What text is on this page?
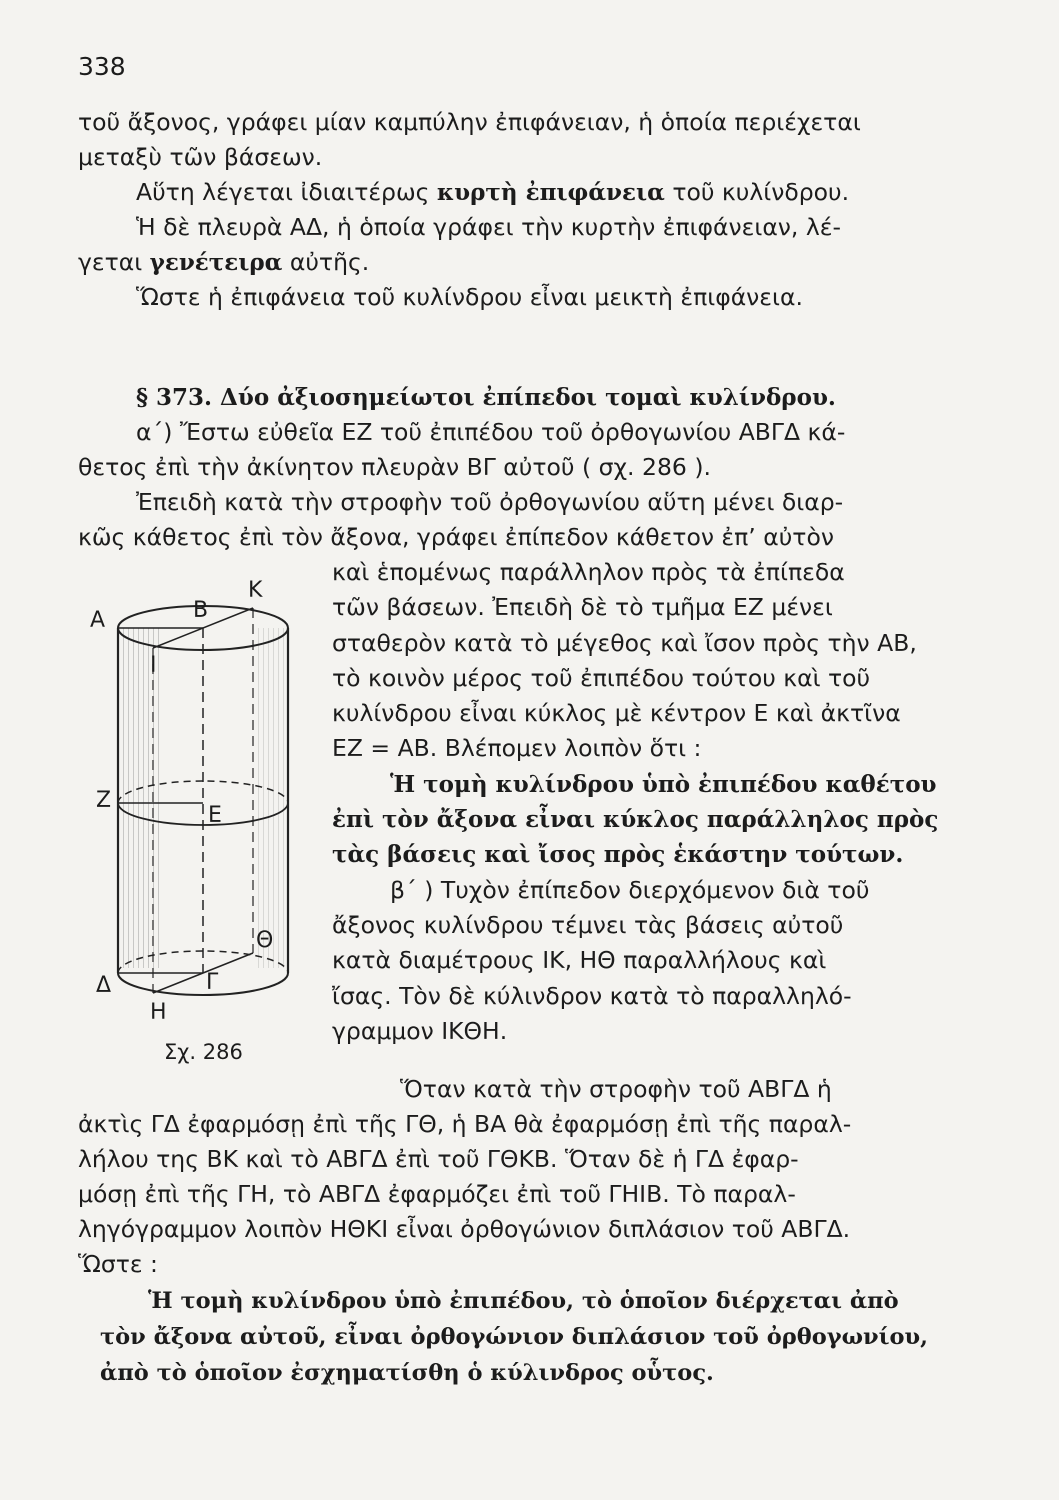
338
τοῦ ἄξονος, γράφει μίαν καμπύλην ἐπιφάνειαν, ἡ ὁποία περιέχεται
μεταξὺ τῶν βάσεων.
Αὕτη λέγεται ἰδιαιτέρως κυρτὴ ἐπιφάνεια τοῦ κυλίνδρου.
Ἡ δὲ πλευρὰ ΑΔ, ἡ ὁποία γράφει τὴν κυρτὴν ἐπιφάνειαν, λέ-
γεται γενέτειρα αὐτῆς.
Ὥστε ἡ ἐπιφάνεια τοῦ κυλίνδρου εἶναι μεικτὴ ἐπιφάνεια.
§ 373. Δύο ἀξιοσημείωτοι ἐπίπεδοι τομαὶ κυλίνδρου.
α΄) Ἔστω εὐθεῖα ΕΖ τοῦ ἐπιπέδου τοῦ ὀρθογωνίου ΑΒΓΔ κά-
θετος ἐπὶ τὴν ἀκίνητον πλευρὰν ΒΓ αὐτοῦ ( σχ. 286 ).
Ἐπειδὴ κατὰ τὴν στροφὴν τοῦ ὀρθογωνίου αὕτη μένει διαρ-
κῶς κάθετος ἐπὶ τὸν ἄξονα, γράφει ἐπίπεδον κάθετον ἐπ’ αὐτὸν
Α	Β
Κ
Ι
Ζ
Ε
Θ
Δ	Γ
Η
Σχ. 286
καὶ ἑπομένως παράλληλον πρὸς τὰ ἐπίπεδα
τῶν βάσεων. Ἐπειδὴ δὲ τὸ τμῆμα ΕΖ μένει
σταθερὸν κατὰ τὸ μέγεθος καὶ ἴσον πρὸς τὴν ΑΒ,
τὸ κοινὸν μέρος τοῦ ἐπιπέδου τούτου καὶ τοῦ
κυλίνδρου εἶναι κύκλος μὲ κέντρον Ε καὶ ἀκτῖνα
ΕΖ = ΑΒ. Βλέπομεν λοιπὸν ὅτι :
Ἡ τομὴ κυλίνδρου ὑπὸ ἐπιπέδου καθέτου
ἐπὶ τὸν ἄξονα εἶναι κύκλος παράλληλος πρὸς
τὰς βάσεις καὶ ἴσος πρὸς ἑκάστην τούτων.
β΄ ) Τυχὸν ἐπίπεδον διερχόμενον διὰ τοῦ
ἄξονος κυλίνδρου τέμνει τὰς βάσεις αὐτοῦ
κατὰ διαμέτρους ΙΚ, ΗΘ παραλλήλους καὶ
ἴσας. Τὸν δὲ κύλινδρον κατὰ τὸ παραλληλό-
γραμμον ΙΚΘΗ.
Ὅταν κατὰ τὴν στροφὴν τοῦ ΑΒΓΔ ἡ
ἀκτὶς ΓΔ ἐφαρμόσῃ ἐπὶ τῆς ΓΘ, ἡ ΒΑ θὰ ἐφαρμόσῃ ἐπὶ τῆς παραλ-
λήλου της ΒΚ καὶ τὸ ΑΒΓΔ ἐπὶ τοῦ ΓΘΚΒ. Ὅταν δὲ ἡ ΓΔ ἐφαρ-
μόσῃ ἐπὶ τῆς ΓΗ, τὸ ΑΒΓΔ ἐφαρμόζει ἐπὶ τοῦ ΓΗΙΒ. Τὸ παραλ-
ληγόγραμμον λοιπὸν ΗΘΚΙ εἶναι ὀρθογώνιον διπλάσιον τοῦ ΑΒΓΔ.
Ὥστε :
Ἡ τομὴ κυλίνδρου ὑπὸ ἐπιπέδου, τὸ ὁποῖον διέρχεται ἀπὸ
τὸν ἄξονα αὐτοῦ, εἶναι ὀρθογώνιον διπλάσιον τοῦ ὀρθογωνίου,
ἀπὸ τὸ ὁποῖον ἐσχηματίσθη ὁ κύλινδρος οὗτος.
